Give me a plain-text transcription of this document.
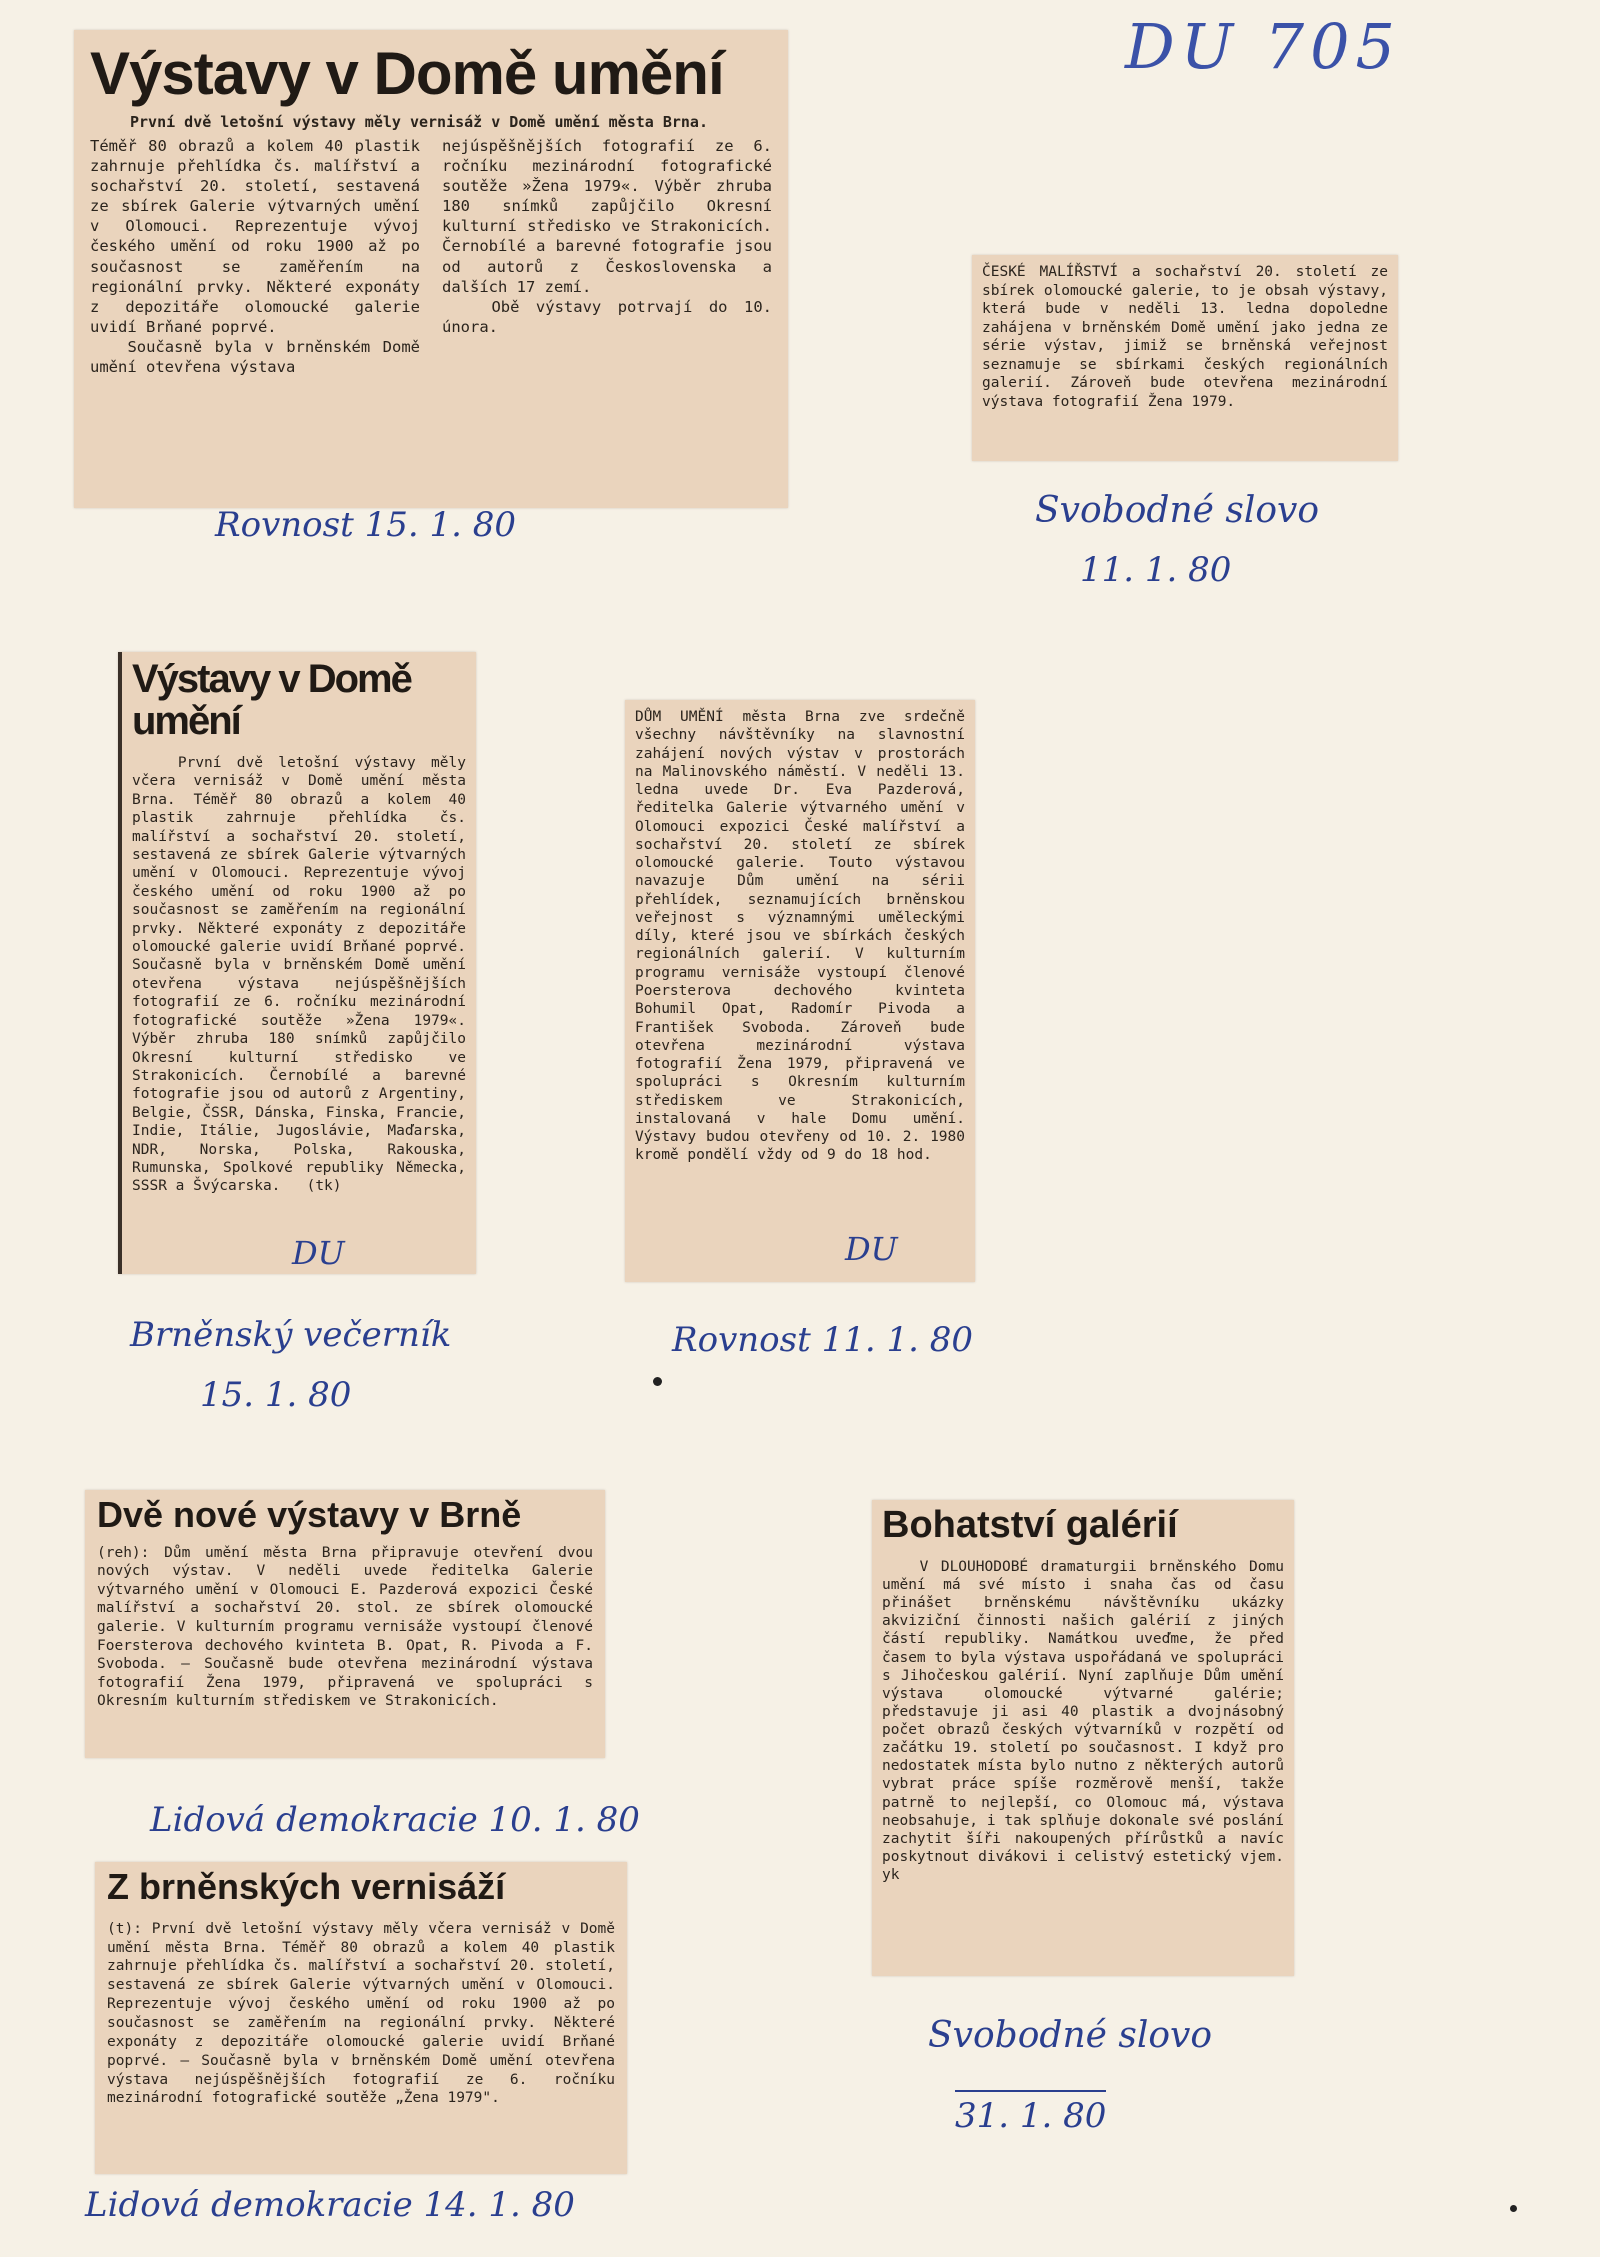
DU 705
Výstavy v Domě umění

První dvě letošní výstavy měly vernisáž v Domě umění města Brna.

Téměř 80 obrazů a kolem 40 plastik zahrnuje přehlídka čs. malířství a sochařství 20. století, sestavená ze sbírek Galerie výtvarných umění v Olomouci. Reprezentuje vývoj českého umění od roku 1900 až po současnost se zaměřením na regionální prvky. Některé exponáty z depozitáře olomoucké galerie uvidí Brňané poprvé.
Současně byla v brněnském Domě umění otevřena výstava

nejúspěšnějších fotografií ze 6. ročníku mezinárodní fotografické soutěže »Žena 1979«. Výběr zhruba 180 snímků zapůjčilo Okresní kulturní středisko ve Strakonicích. Černobílé a barevné fotografie jsou od autorů z Československa a dalších 17 zemí.
Obě výstavy potrvají do 10. února.

Rovnost 15. 1. 80

ČESKÉ MALÍŘSTVÍ a sochařství 20. století ze sbírek olomoucké galerie, to je obsah výstavy, která bude v neděli 13. ledna dopoledne zahájena v brněnském Domě umění jako jedna ze série výstav, jimiž se brněnská veřejnost seznamuje se sbírkami českých regionálních galerií. Zároveň bude otevřena mezinárodní výstava fotografií Žena 1979.

Svobodné slovo
11. 1. 80
Výstavy v Domě umění

První dvě letošní výstavy měly včera vernisáž v Domě umění města Brna. Téměř 80 obrazů a kolem 40 plastik zahrnuje přehlídka čs. malířství a sochařství 20. století, sestavená ze sbírek Galerie výtvarných umění v Olomouci. Reprezentuje vývoj českého umění od roku 1900 až po současnost se zaměřením na regionální prvky. Některé exponáty z depozitáře olomoucké galerie uvidí Brňané poprvé. Současně byla v brněnském Domě umění otevřena výstava nejúspěšnějších fotografií ze 6. ročníku mezinárodní fotografické soutěže »Žena 1979«. Výběr zhruba 180 snímků zapůjčilo Okresní kulturní středisko ve Strakonicích. Černobílé a barevné fotografie jsou od autorů z Argentiny, Belgie, ČSSR, Dánska, Finska, Francie, Indie, Itálie, Jugoslávie, Maďarska, NDR, Norska, Polska, Rakouska, Rumunska, Spolkové republiky Německa, SSSR a Švýcarska.   (tk)

DU
Brněnský večerník
15. 1. 80

DŮM UMĚNÍ města Brna zve srdečně všechny návštěvníky na slavnostní zahájení nových výstav v prostorách na Malinovského náměstí. V neděli 13. ledna uvede Dr. Eva Pazderová, ředitelka Galerie výtvarného umění v Olomouci expozici České malířství a sochařství 20. století ze sbírek olomoucké galerie. Touto výstavou navazuje Dům umění na sérii přehlídek, seznamujících brněnskou veřejnost s významnými uměleckými díly, které jsou ve sbírkách českých regionálních galerií. V kulturním programu vernisáže vystoupí členové Poersterova dechového kvinteta Bohumil Opat, Radomír Pivoda a František Svoboda. Zároveň bude otevřena mezinárodní výstava fotografií Žena 1979, připravená ve spolupráci s Okresním kulturním střediskem ve Strakonicích, instalovaná v hale Domu umění. Výstavy budou otevřeny od 10. 2. 1980 kromě pondělí vždy od 9 do 18 hod.

DU
Rovnost 11. 1. 80
Dvě nové výstavy v Brně

(reh): Dům umění města Brna připravuje otevření dvou nových výstav. V neděli uvede ředitelka Galerie výtvarného umění v Olomouci E. Pazderová expozici České malířství a sochařství 20. stol. ze sbírek olomoucké galerie. V kulturním programu vernisáže vystoupí členové Foersterova dechového kvinteta B. Opat, R. Pivoda a F. Svoboda. — Současně bude otevřena mezinárodní výstava fotografií Žena 1979, připravená ve spolupráci s Okresním kulturním střediskem ve Strakonicích.

Lidová demokracie 10. 1. 80
Z brněnských vernisáží

(t): První dvě letošní výstavy měly včera vernisáž v Domě umění města Brna. Téměř 80 obrazů a kolem 40 plastik zahrnuje přehlídka čs. malířství a sochařství 20. století, sestavená ze sbírek Galerie výtvarných umění v Olomouci. Reprezentuje vývoj českého umění od roku 1900 až po současnost se zaměřením na regionální prvky. Některé exponáty z depozitáře olomoucké galerie uvidí Brňané poprvé. — Současně byla v brněnském Domě umění otevřena výstava nejúspěšnějších fotografií ze 6. ročníku mezinárodní fotografické soutěže „Žena 1979".

Lidová demokracie 14. 1. 80
Bohatství galérií

V DLOUHODOBÉ dramaturgii brněnského Domu umění má své místo i snaha čas od času přinášet brněnskému návštěvníku ukázky akviziční činnosti našich galérií z jiných částí republiky. Namátkou uveďme, že před časem to byla výstava uspořádaná ve spolupráci s Jihočeskou galérií. Nyní zaplňuje Dům umění výstava olomoucké výtvarné galérie; představuje ji asi 40 plastik a dvojnásobný počet obrazů českých výtvarníků v rozpětí od začátku 19. století po současnost. I když pro nedostatek místa bylo nutno z některých autorů vybrat práce spíše rozměrově menší, takže patrně to nejlepší, co Olomouc má, výstava neobsahuje, i tak splňuje dokonale své poslání zachytit šíři nakoupených přírůstků a navíc poskytnout divákovi i celistvý estetický vjem.   yk

Svobodné slovo
31. 1. 80
